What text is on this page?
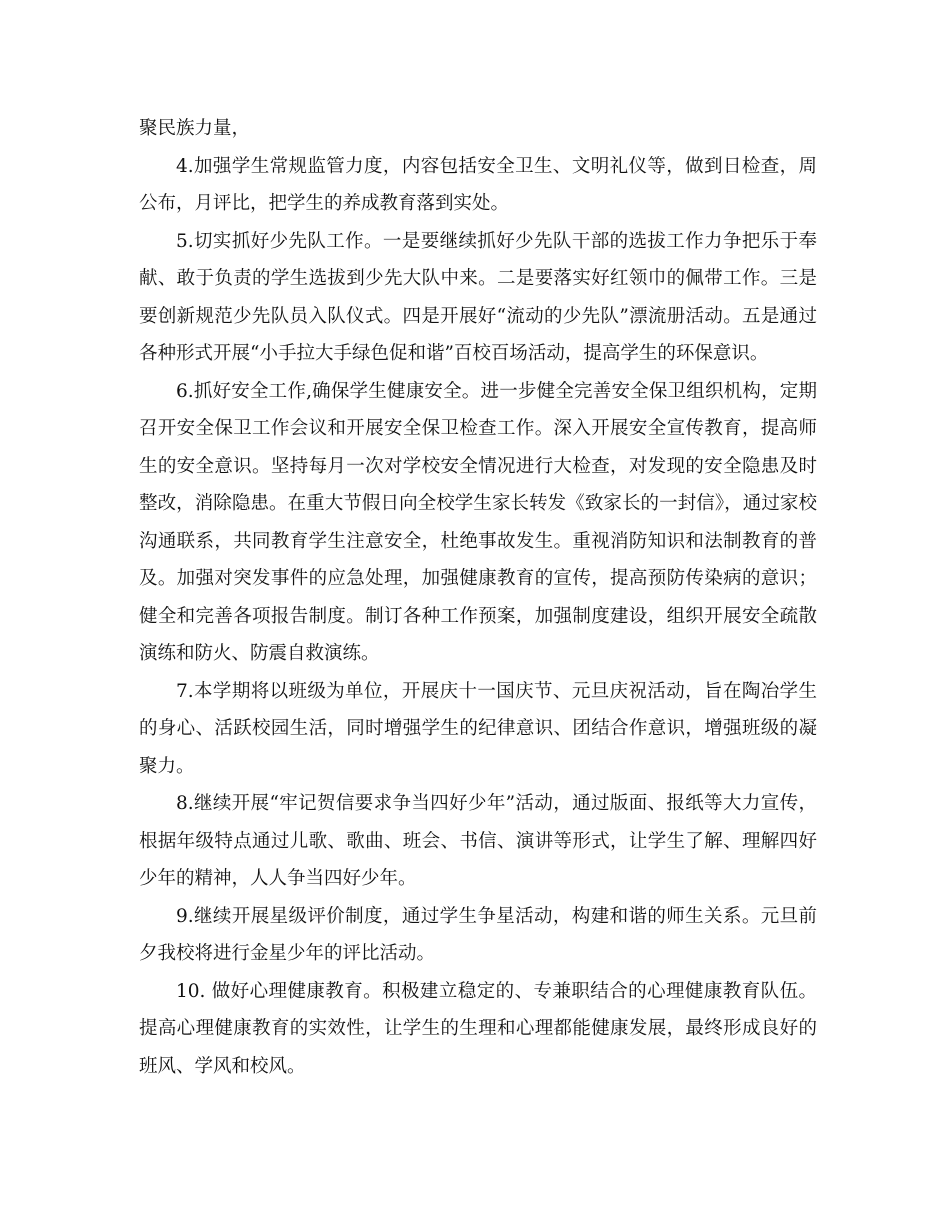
聚民族力量，

4.加强学生常规监管力度，内容包括安全卫生、文明礼仪等，做到日检查，周公布，月评比，把学生的养成教育落到实处。

5.切实抓好少先队工作。一是要继续抓好少先队干部的选拔工作力争把乐于奉献、敢于负责的学生选拔到少先大队中来。二是要落实好红领巾的佩带工作。三是要创新规范少先队员入队仪式。四是开展好“流动的少先队”漂流册活动。五是通过各种形式开展“小手拉大手绿色促和谐”百校百场活动，提高学生的环保意识。

6.抓好安全工作,确保学生健康安全。进一步健全完善安全保卫组织机构，定期召开安全保卫工作会议和开展安全保卫检查工作。深入开展安全宣传教育，提高师生的安全意识。坚持每月一次对学校安全情况进行大检查，对发现的安全隐患及时整改，消除隐患。在重大节假日向全校学生家长转发《致家长的一封信》，通过家校沟通联系，共同教育学生注意安全，杜绝事故发生。重视消防知识和法制教育的普及。加强对突发事件的应急处理，加强健康教育的宣传，提高预防传染病的意识；健全和完善各项报告制度。制订各种工作预案，加强制度建设，组织开展安全疏散演练和防火、防震自救演练。

7.本学期将以班级为单位，开展庆十一国庆节、元旦庆祝活动，旨在陶冶学生的身心、活跃校园生活，同时增强学生的纪律意识、团结合作意识，增强班级的凝聚力。

8.继续开展“牢记贺信要求争当四好少年”活动，通过版面、报纸等大力宣传，根据年级特点通过儿歌、歌曲、班会、书信、演讲等形式，让学生了解、理解四好少年的精神，人人争当四好少年。

9.继续开展星级评价制度，通过学生争星活动，构建和谐的师生关系。元旦前夕我校将进行金星少年的评比活动。

10. 做好心理健康教育。积极建立稳定的、专兼职结合的心理健康教育队伍。提高心理健康教育的实效性，让学生的生理和心理都能健康发展，最终形成良好的班风、学风和校风。
